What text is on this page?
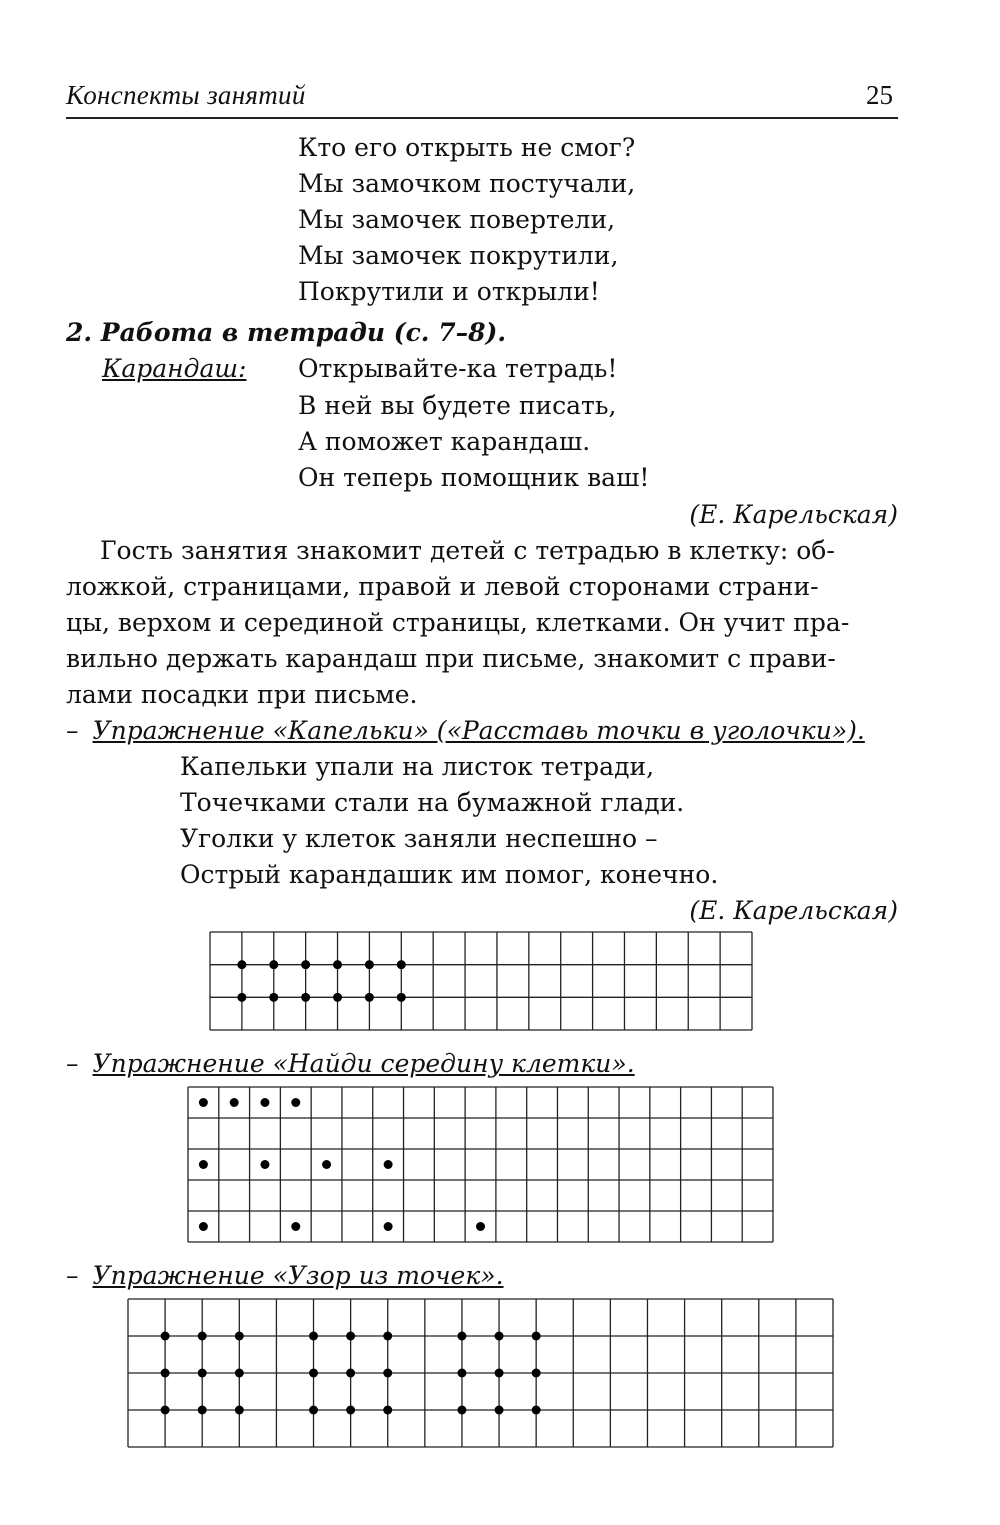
Конспекты занятий	25
Кто его открыть не смог?
Мы замочком постучали,
Мы замочек повертели,
Мы замочек покрутили,
Покрутили и открыли!
2. Работа в тетради (с. 7–8).
Карандаш: Открывайте-ка тетрадь!
В ней вы будете писать,
А поможет карандаш.
Он теперь помощник ваш!
(Е. Карельская)
Гость занятия знакомит детей с тетрадью в клетку: об-
ложкой, страницами, правой и левой сторонами страни-
цы, верхом и серединой страницы, клетками. Он учит пра-
вильно держать карандаш при письме, знакомит с прави-
лами посадки при письме.
– Упражнение «Капельки» («Расставь точки в уголочки»).
Капельки упали на листок тетради,
Точечками стали на бумажной глади.
Уголки у клеток заняли неспешно –
Острый карандашик им помог, конечно.
(Е. Карельская)
– Упражнение «Найди середину клетки».
– Упражнение «Узор из точек».
